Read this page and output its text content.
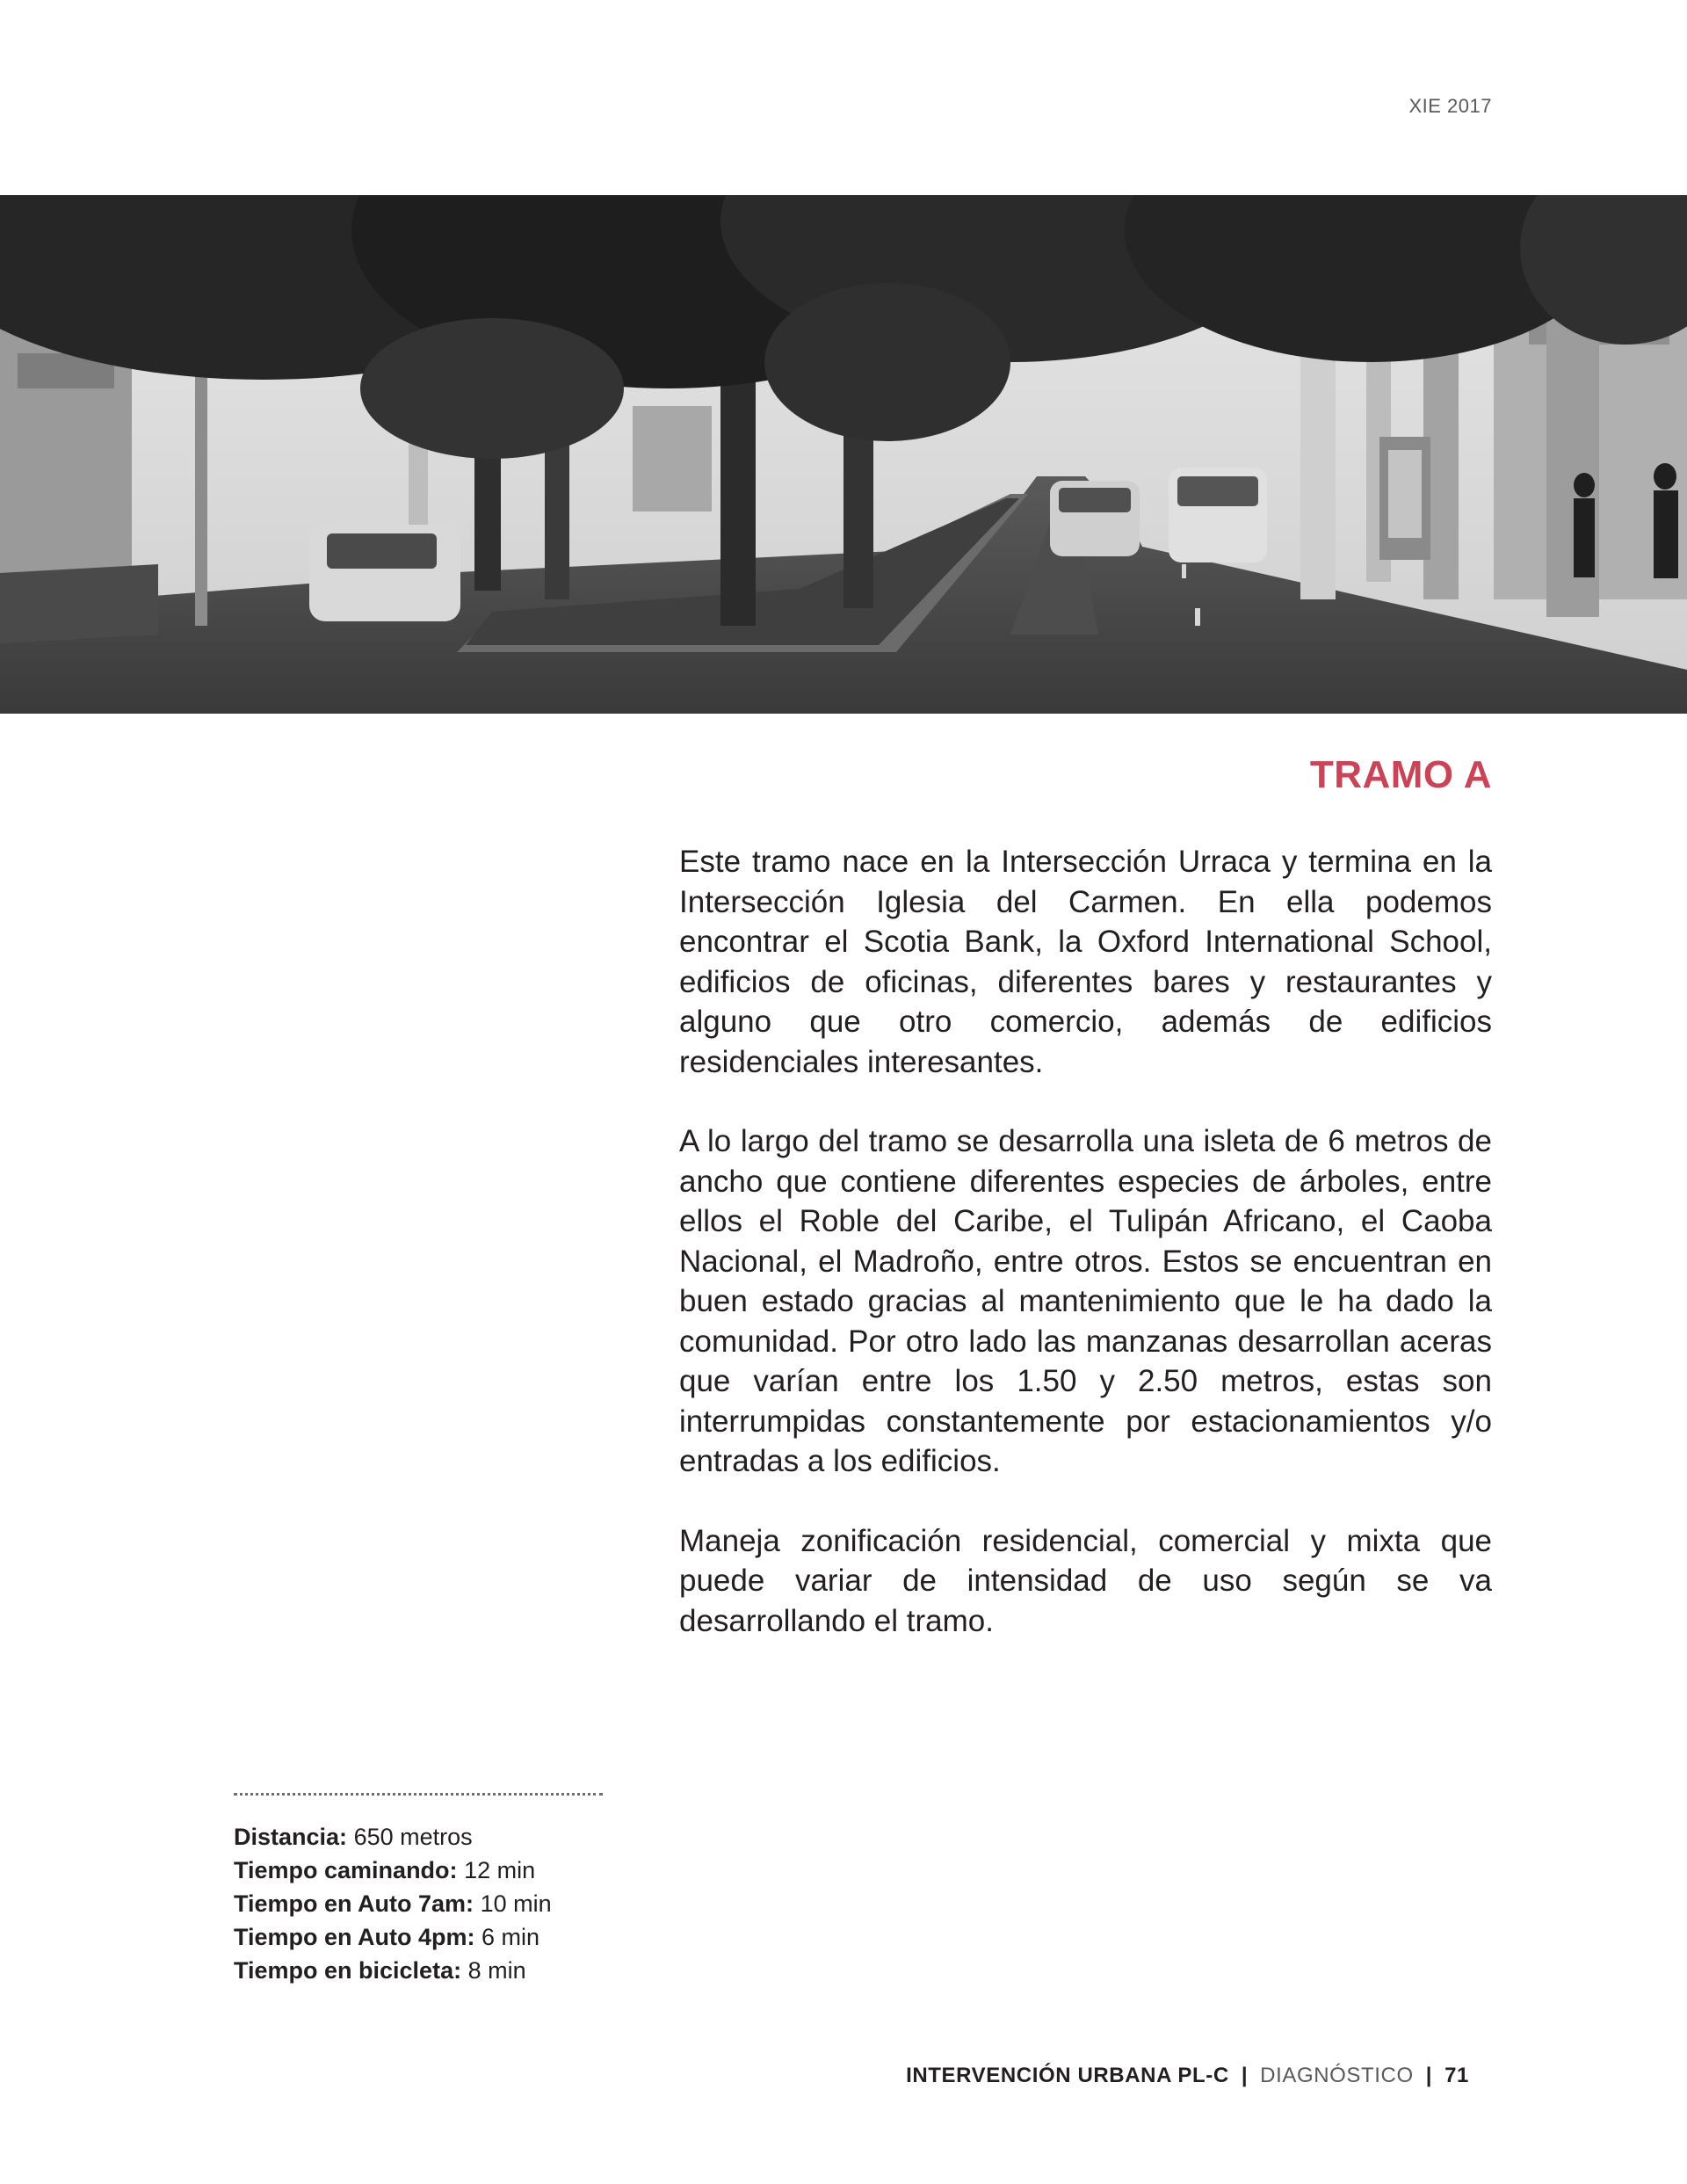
XIE 2017
TRAMO A

Este tramo nace en la Intersección Urraca y termina en la Intersección Iglesia del Carmen. En ella podemos encontrar el Scotia Bank, la Oxford International School, edificios de oficinas, diferentes bares y restaurantes y alguno que otro comercio, además de edificios residenciales interesantes.

A lo largo del tramo se desarrolla una isleta de 6 metros de ancho que contiene diferentes especies de árboles, entre ellos el Roble del Caribe, el Tulipán Africano, el Caoba Nacional, el Madroño, entre otros. Estos se encuentran en buen estado gracias al mantenimiento que le ha dado la comunidad. Por otro lado las manzanas desarrollan aceras que varían entre los 1.50 y 2.50 metros, estas son interrumpidas constantemente por estacionamientos y/o entradas a los edificios.

Maneja zonificación residencial, comercial y mixta que puede variar de intensidad de uso según se va desarrollando el tramo.

Distancia: 650 metros
Tiempo caminando: 12 min
Tiempo en Auto 7am: 10 min
Tiempo en Auto 4pm: 6 min
Tiempo en bicicleta: 8 min
INTERVENCIÓN URBANA PL-C | DIAGNÓSTICO | 71
